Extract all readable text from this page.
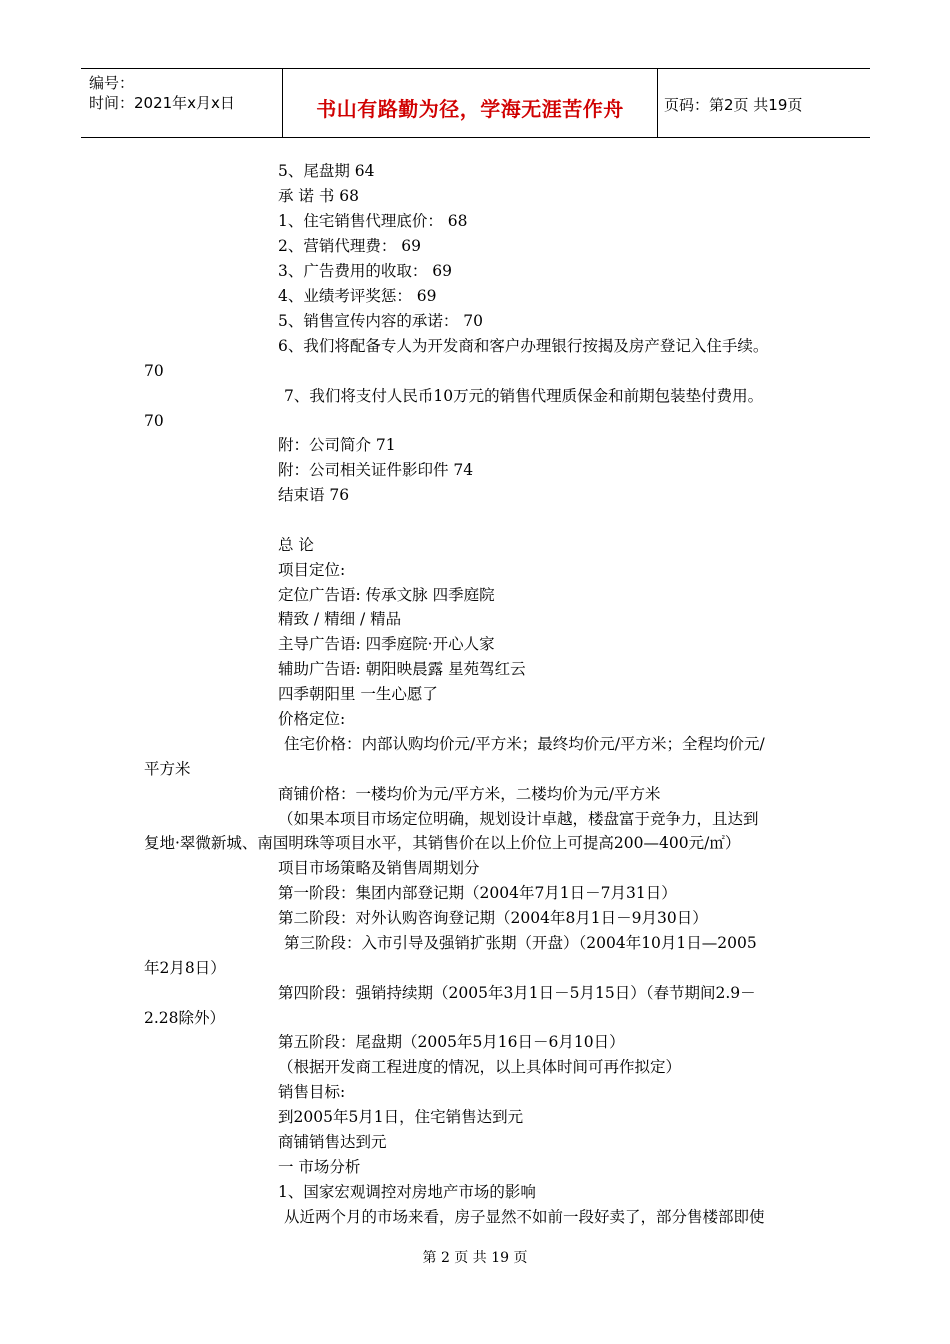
编号：
时间：2021年x月x日	书山有路勤为径，学海无涯苦作舟	页码：第2页 共19页
5、尾盘期 64
承 诺 书 68
1、住宅销售代理底价： 68
2、营销代理费： 69
3、广告费用的收取： 69
4、业绩考评奖惩： 69
5、销售宣传内容的承诺： 70
6、我们将配备专人为开发商和客户办理银行按揭及房产登记入住手续。
70
7、我们将支付人民币10万元的销售代理质保金和前期包装垫付费用。
70
附：公司简介 71
附：公司相关证件影印件 74
结束语 76
总 论
项目定位:
定位广告语: 传承文脉 四季庭院
精致 / 精细 / 精品
主导广告语: 四季庭院·开心人家
辅助广告语: 朝阳映晨露 星苑驾红云
四季朝阳里 一生心愿了
价格定位:
住宅价格：内部认购均价元/平方米；最终均价元/平方米；全程均价元/
平方米
商铺价格：一楼均价为元/平方米，二楼均价为元/平方米
（如果本项目市场定位明确，规划设计卓越，楼盘富于竞争力，且达到
复地·翠微新城、南国明珠等项目水平，其销售价在以上价位上可提高200—400元/㎡）
项目市场策略及销售周期划分
第一阶段：集团内部登记期（2004年7月1日－7月31日）
第二阶段：对外认购咨询登记期（2004年8月1日－9月30日）
第三阶段：入市引导及强销扩张期（开盘）（2004年10月1日—2005
年2月8日）
第四阶段：强销持续期（2005年3月1日－5月15日）（春节期间2.9－
2.28除外）
第五阶段：尾盘期（2005年5月16日－6月10日）
（根据开发商工程进度的情况，以上具体时间可再作拟定）
销售目标:
到2005年5月1日，住宅销售达到元
商铺销售达到元
一 市场分析
1、国家宏观调控对房地产市场的影响
从近两个月的市场来看，房子显然不如前一段好卖了，部分售楼部即使
第 2 页 共 19 页
